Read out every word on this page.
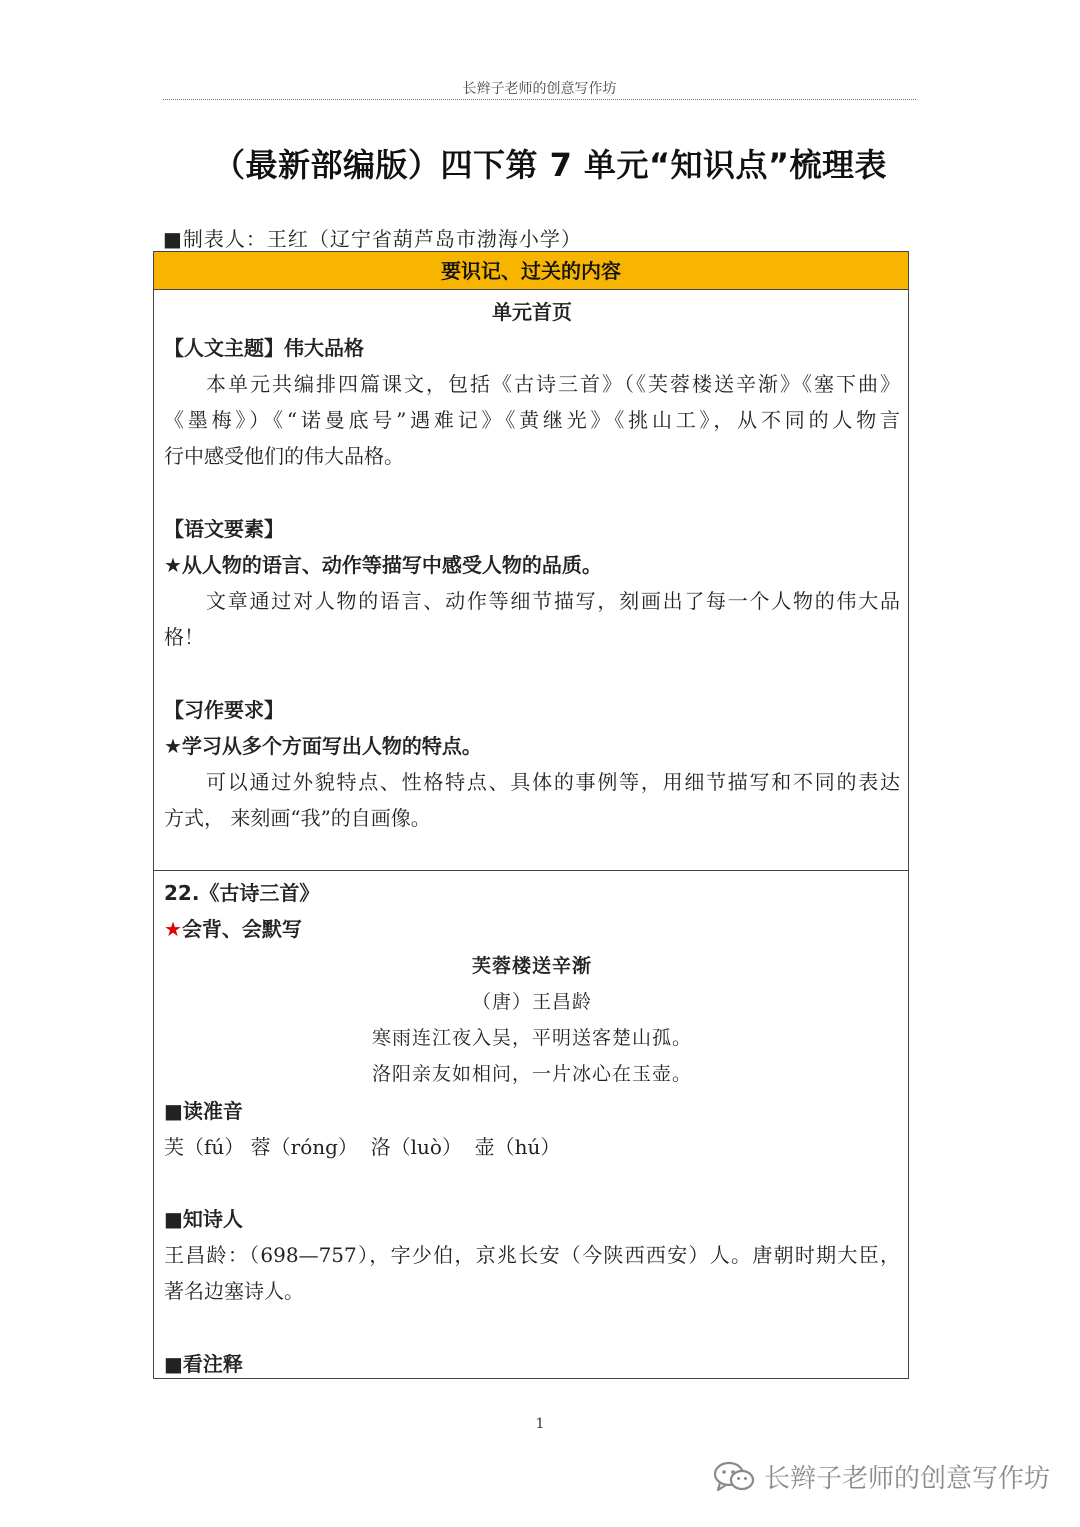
长辫子老师的创意写作坊
（最新部编版）四下第 7 单元“知识点”梳理表
■制表人：王红（辽宁省葫芦岛市渤海小学）
要识记、过关的内容
单元首页
【人文主题】伟大品格
本单元共编排四篇课文，包括《古诗三首》（《芙蓉楼送辛渐》《塞下曲》
《墨梅》）《“诺曼底号”遇难记》《黄继光》《挑山工》，从不同的人物言
行中感受他们的伟大品格。
【语文要素】
★从人物的语言、动作等描写中感受人物的品质。
文章通过对人物的语言、动作等细节描写，刻画出了每一个人物的伟大品
格！
【习作要求】
★学习从多个方面写出人物的特点。
可以通过外貌特点、性格特点、具体的事例等，用细节描写和不同的表达
方式， 来刻画“我”的自画像。
22.《古诗三首》
★会背、会默写
芙蓉楼送辛渐
（唐）王昌龄
寒雨连江夜入吴，平明送客楚山孤。
洛阳亲友如相问，一片冰心在玉壶。
■读准音
芙（fú） 蓉（róng）  洛（luò）  壶（hú）
■知诗人
王昌龄：（698—757），字少伯，京兆长安（今陕西西安）人。唐朝时期大臣，
著名边塞诗人。
■看注释
1
长辫子老师的创意写作坊
